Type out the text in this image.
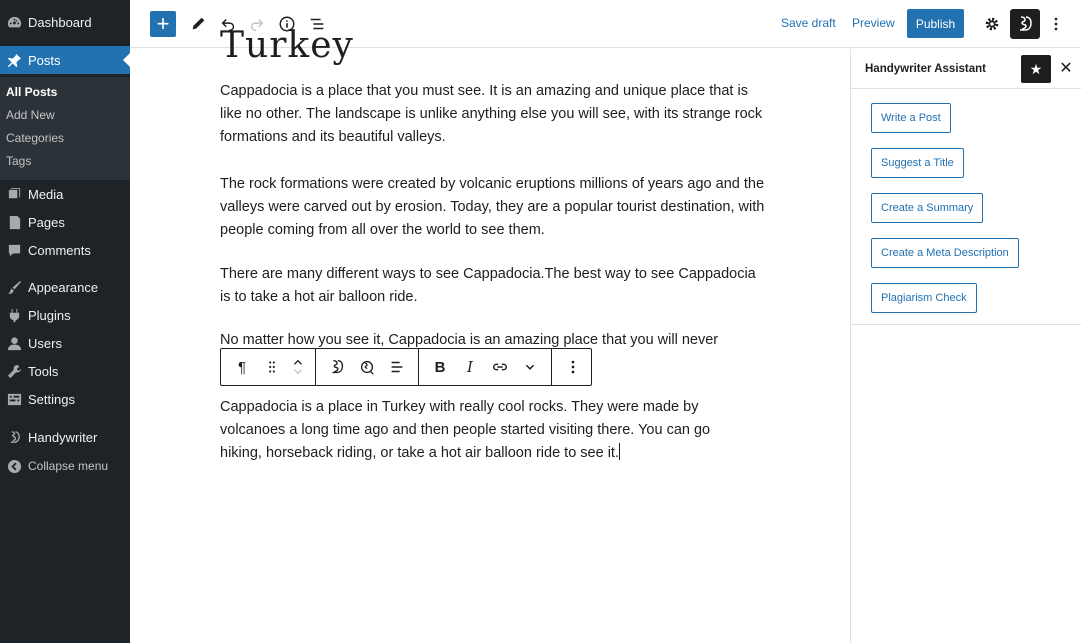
Dashboard
Posts
All Posts
Add New
Categories
Tags
Media
Pages
Comments
Appearance
Plugins
Users
Tools
Settings
Handywriter
Collapse menu
+	Save draft Preview	Publish
Turkey

Cappadocia is a place that you must see. It is an amazing and unique place that is like no other. The landscape is unlike anything else you will see, with its strange rock formations and its beautiful valleys.

The rock formations were created by volcanic eruptions millions of years ago and the valleys were carved out by erosion. Today, they are a popular tourist destination, with people coming from all over the world to see them.

There are many different ways to see Cappadocia.The best way to see Cappadocia is to take a hot air balloon ride.

No matter how you see it, Cappadocia is an amazing place that you will never

¶	B	I

Cappadocia is a place in Turkey with really cool rocks. They were made by volcanoes a long time ago and then people started visiting there. You can go hiking, horseback riding, or take a hot air balloon ride to see it.

Handywriter Assistant	★ ✕
Write a Post
Suggest a Title
Create a Summary
Create a Meta Description
Plagiarism Check
